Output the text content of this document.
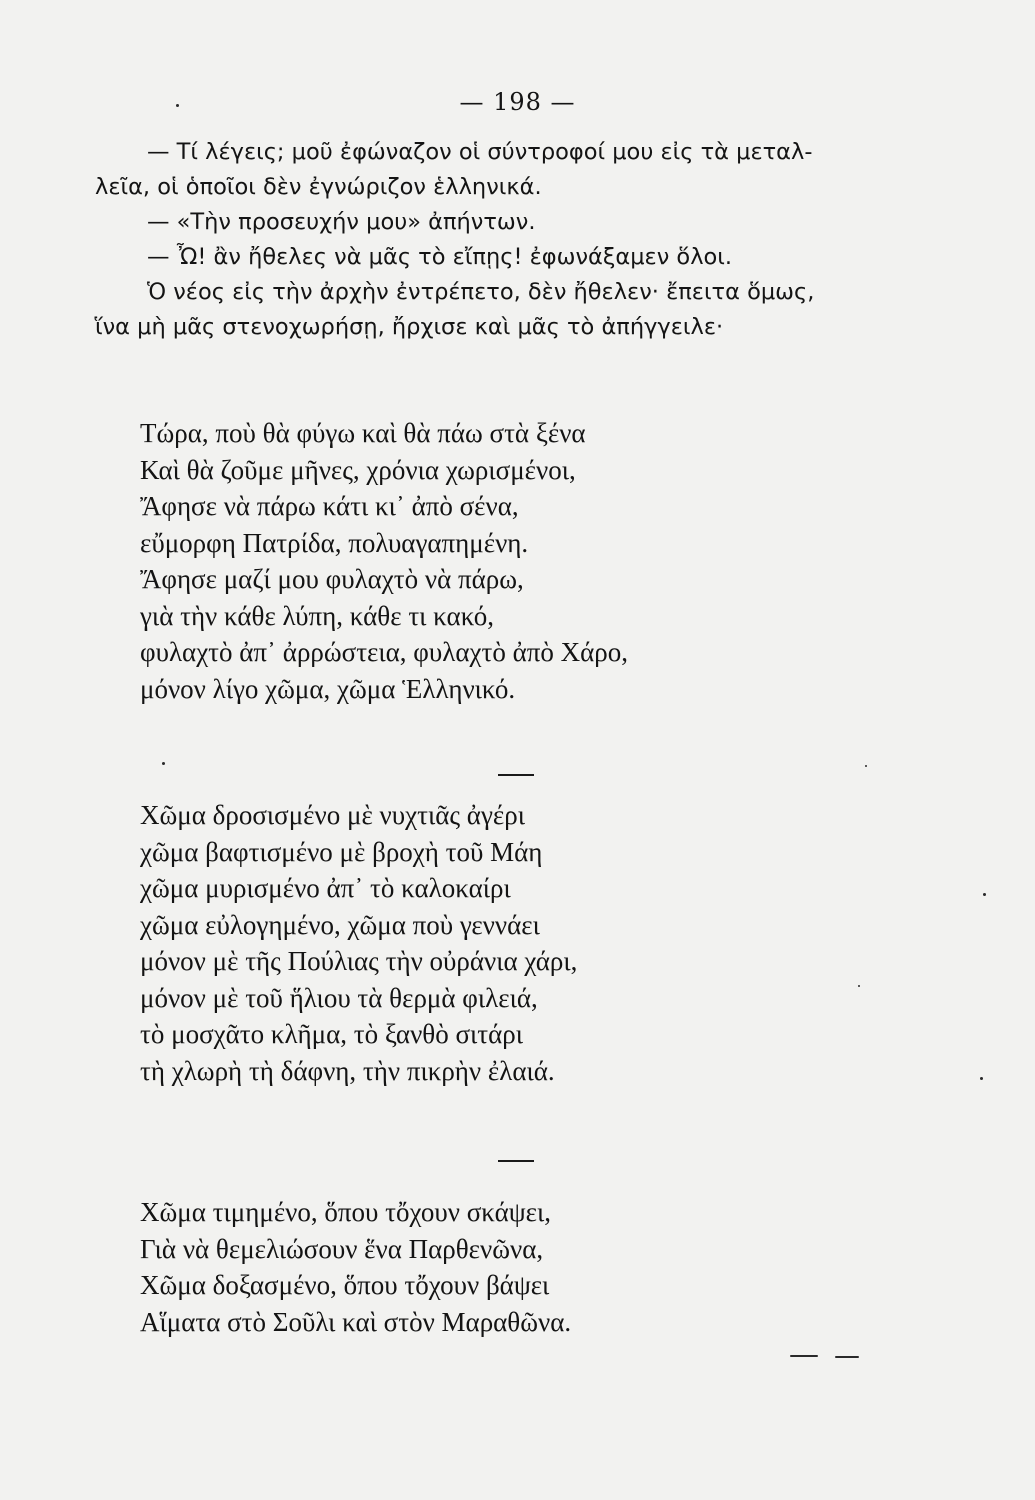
— 198 —

— Τί λέγεις; μοῦ ἐφώναζον οἱ σύντροφοί μου εἰς τὰ μεταλ-

λεῖα, οἱ ὁποῖοι δὲν ἐγνώριζον ἑλληνικά.

— «Τὴν προσευχήν μου» ἀπήντων.

— Ὦ! ἂν ἤθελες νὰ μᾶς τὸ εἴπῃς! ἐφωνάξαμεν ὅλοι.

Ὁ νέος εἰς τὴν ἀρχὴν ἐντρέπετο, δὲν ἤθελεν· ἔπειτα ὅμως,

ἵνα μὴ μᾶς στενοχωρήσῃ, ἤρχισε καὶ μᾶς τὸ ἀπήγγειλε·

Τώρα, ποὺ θὰ φύγω καὶ θὰ πάω στὰ ξένα
Καὶ θὰ ζοῦμε μῆνες, χρόνια χωρισμένοι,
Ἄφησε νὰ πάρω κάτι κι᾽ ἀπὸ σένα,
εὔμορφη Πατρίδα, πολυαγαπημένη.
Ἄφησε μαζί μου φυλαχτὸ νὰ πάρω,
γιὰ τὴν κάθε λύπη, κάθε τι κακό,
φυλαχτὸ ἀπ᾽ ἀρρώστεια, φυλαχτὸ ἀπὸ Χάρο,
μόνον λίγο χῶμα, χῶμα Ἑλληνικό.
Χῶμα δροσισμένο μὲ νυχτιᾶς ἀγέρι
χῶμα βαφτισμένο μὲ βροχὴ τοῦ Μάη
χῶμα μυρισμένο ἀπ᾽ τὸ καλοκαίρι
χῶμα εὐλογημένο, χῶμα ποὺ γεννάει
μόνον μὲ τῆς Πούλιας τὴν οὐράνια χάρι,
μόνον μὲ τοῦ ἥλιου τὰ θερμὰ φιλειά,
τὸ μοσχᾶτο κλῆμα, τὸ ξανθὸ σιτάρι
τὴ χλωρὴ τὴ δάφνη, τὴν πικρὴν ἐλαιά.
Χῶμα τιμημένο, ὅπου τὄχουν σκάψει,
Γιὰ νὰ θεμελιώσουν ἕνα Παρθενῶνα,
Χῶμα δοξασμένο, ὅπου τὄχουν βάψει
Αἵματα στὸ Σοῦλι καὶ στὸν Μαραθῶνα.
